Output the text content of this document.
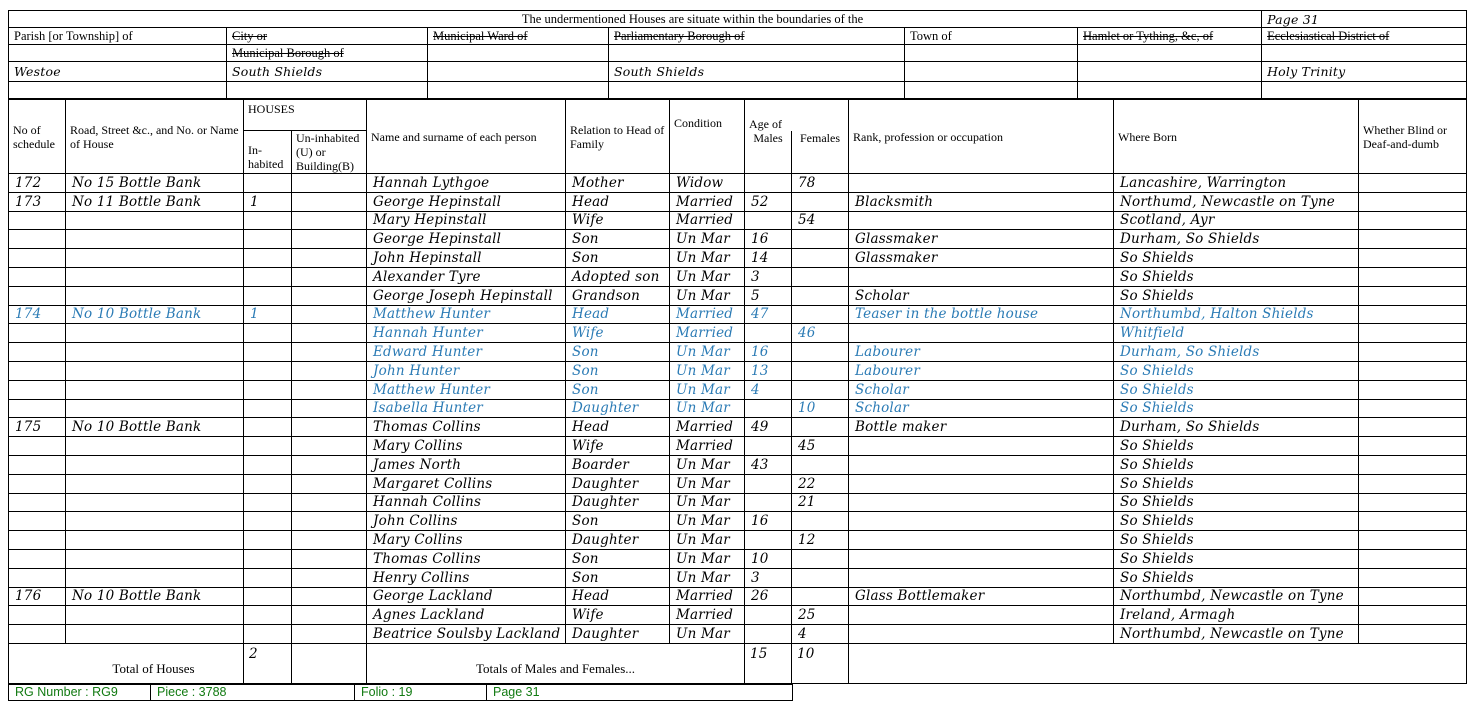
The undermentioned Houses are situate within the boundaries of the						Page 31
Parish [or Township] of	City or	Municipal Ward of	Parliamentary Borough of	Town of	Hamlet or Tything, &c, of	Ecclesiastical District of
	Municipal Borough of					
Westoe	South Shields		South Shields			Holy Trinity

No of schedule	Road, Street &c., and No. or Name of House	HOUSES		Name and surname of each person	Relation to Head of Family	Condition	Age of		Rank, profession or occupation	Where Born	Whether Blind or Deaf-and-dumb
		In-habited	Un-inhabited (U) or Building(B)				Males	Females			

172	No 15 Bottle Bank			Hannah Lythgoe	Mother	Widow		78		Lancashire, Warrington	
173	No 11 Bottle Bank	1		George Hepinstall	Head	Married	52		Blacksmith	Northumd, Newcastle on Tyne	
				Mary Hepinstall	Wife	Married		54		Scotland, Ayr	
				George Hepinstall	Son	Un Mar	16		Glassmaker	Durham, So Shields	
				John Hepinstall	Son	Un Mar	14		Glassmaker	So Shields	
				Alexander Tyre	Adopted son	Un Mar	3			So Shields	
				George Joseph Hepinstall	Grandson	Un Mar	5		Scholar	So Shields	
174	No 10 Bottle Bank	1		Matthew Hunter	Head	Married	47		Teaser in the bottle house	Northumbd, Halton Shields	
				Hannah Hunter	Wife	Married		46		Whitfield	
				Edward Hunter	Son	Un Mar	16		Labourer	Durham, So Shields	
				John Hunter	Son	Un Mar	13		Labourer	So Shields	
				Matthew Hunter	Son	Un Mar	4		Scholar	So Shields	
				Isabella Hunter	Daughter	Un Mar		10	Scholar	So Shields	
175	No 10 Bottle Bank			Thomas Collins	Head	Married	49		Bottle maker	Durham, So Shields	
				Mary Collins	Wife	Married		45		So Shields	
				James North	Boarder	Un Mar	43			So Shields	
				Margaret Collins	Daughter	Un Mar		22		So Shields	
				Hannah Collins	Daughter	Un Mar		21		So Shields	
				John Collins	Son	Un Mar	16			So Shields	
				Mary Collins	Daughter	Un Mar		12		So Shields	
				Thomas Collins	Son	Un Mar	10			So Shields	
				Henry Collins	Son	Un Mar	3			So Shields	
176	No 10 Bottle Bank			George Lackland	Head	Married	26		Glass Bottlemaker	Northumbd, Newcastle on Tyne	
				Agnes Lackland	Wife	Married		25		Ireland, Armagh	
				Beatrice Soulsby Lackland	Daughter	Un Mar		4		Northumbd, Newcastle on Tyne	
Total of Houses		2		Totals of Males and Females...			15	10			
RG Number : RG9	Piece : 3788	Folio : 19	Page 31
